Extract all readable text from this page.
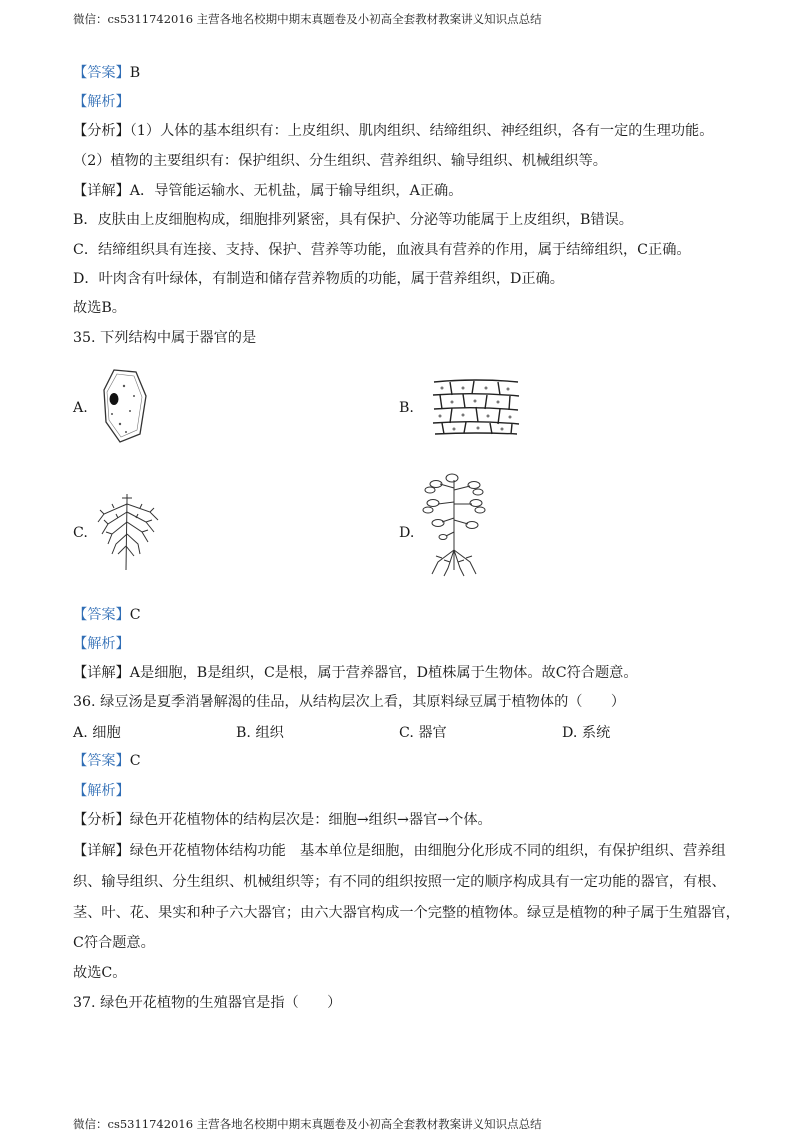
微信：cs5311742016 主营各地名校期中期末真题卷及小初高全套教材教案讲义知识点总结
【答案】B
【解析】
【分析】（1）人体的基本组织有：上皮组织、肌肉组织、结缔组织、神经组织，各有一定的生理功能。
（2）植物的主要组织有：保护组织、分生组织、营养组织、输导组织、机械组织等。
【详解】A．导管能运输水、无机盐，属于输导组织，A正确。
B．皮肤由上皮细胞构成，细胞排列紧密，具有保护、分泌等功能属于上皮组织，B错误。
C．结缔组织具有连接、支持、保护、营养等功能，血液具有营养的作用，属于结缔组织，C正确。
D．叶肉含有叶绿体，有制造和储存营养物质的功能，属于营养组织，D正确。
故选B。
35. 下列结构中属于器官的是
A.	B.
C.	D.
【答案】C
【解析】
【详解】A是细胞，B是组织，C是根，属于营养器官，D植株属于生物体。故C符合题意。
36. 绿豆汤是夏季消暑解渴的佳品，从结构层次上看，其原料绿豆属于植物体的（　　）
A. 细胞	B. 组织	C. 器官	D. 系统
【答案】C
【解析】
【分析】绿色开花植物体的结构层次是：细胞→组织→器官→个体。
【详解】绿色开花植物体结构功能　基本单位是细胞，由细胞分化形成不同的组织，有保护组织、营养组
织、输导组织、分生组织、机械组织等；有不同的组织按照一定的顺序构成具有一定功能的器官，有根、
茎、叶、花、果实和种子六大器官；由六大器官构成一个完整的植物体。绿豆是植物的种子属于生殖器官，
C符合题意。
故选C。
37. 绿色开花植物的生殖器官是指（　　）
微信：cs5311742016 主营各地名校期中期末真题卷及小初高全套教材教案讲义知识点总结
